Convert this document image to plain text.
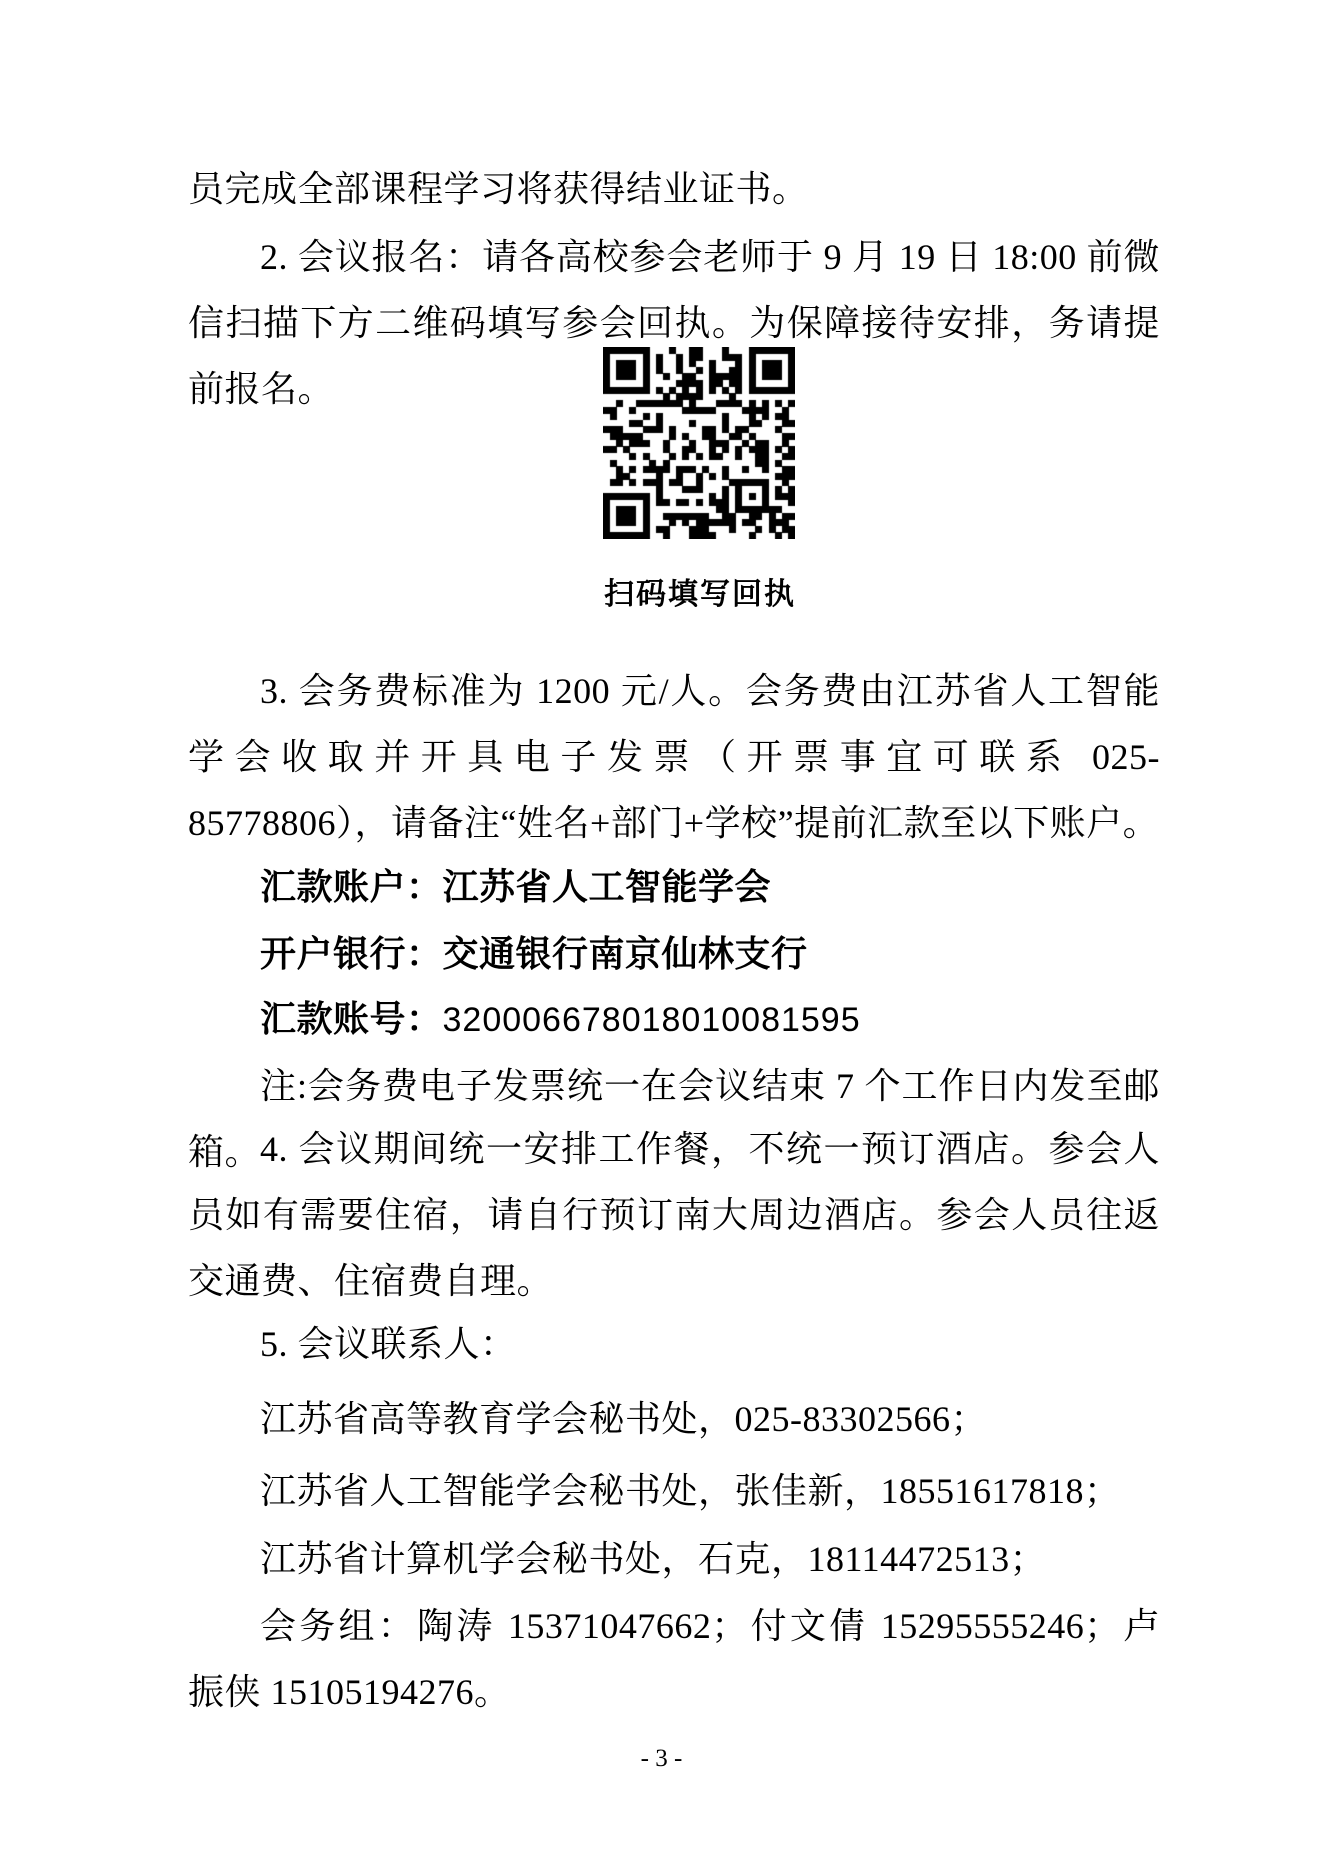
员完成全部课程学习将获得结业证书。

2. 会议报名：请各高校参会老师于 9 月 19 日 18:00 前微信扫描下方二维码填写参会回执。为保障接待安排，务请提前报名。

扫码填写回执

3. 会务费标准为 1200 元/人。会务费由江苏省人工智能学会收取并开具电子发票（开票事宜可联系 025-85778806），请备注“姓名+部门+学校”提前汇款至以下账户。

汇款账户：江苏省人工智能学会

开户银行：交通银行南京仙林支行

汇款账号：320006678018010081595

注:会务费电子发票统一在会议结束 7 个工作日内发至邮箱。

4. 会议期间统一安排工作餐，不统一预订酒店。参会人员如有需要住宿，请自行预订南大周边酒店。参会人员往返交通费、住宿费自理。

5. 会议联系人：

江苏省高等教育学会秘书处，025-83302566；

江苏省人工智能学会秘书处，张佳新，18551617818；

江苏省计算机学会秘书处，石克，18114472513；

会务组：陶涛 15371047662；付文倩 15295555246；卢振侠 15105194276。

- 3 -
